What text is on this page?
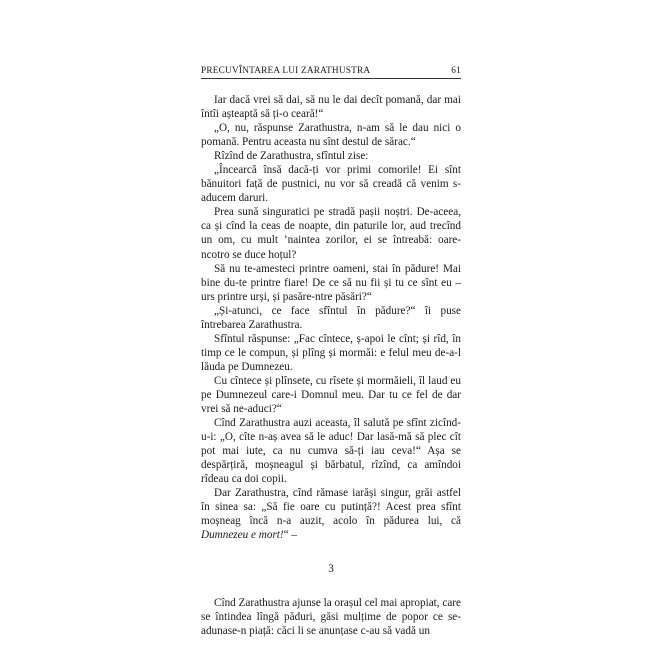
PRECUVÎNTAREA LUI ZARATHUSTRA	61

Iar dacă vrei să dai, să nu le dai decît pomană, dar mai întîi așteaptă să ți-o ceară!“

„O, nu, răspunse Zarathustra, n-am să le dau nici o pomană. Pentru aceasta nu sînt destul de sărac.“

Rîzînd de Zarathustra, sfîntul zise:

„Încearcă însă dacă-ți vor primi comorile! Ei sînt bănuitori față de pustnici, nu vor să creadă că venim s-aducem daruri.

Prea sună singuratici pe stradă pașii noștri. De-aceea, ca și cînd la ceas de noapte, din paturile lor, aud trecînd un om, cu mult ’naintea zorilor, ei se întreabă: oare-ncotro se duce hoțul?

Să nu te-amesteci printre oameni, stai în pădure! Mai bine du-te printre fiare! De ce să nu fii și tu ce sînt eu – urs printre urși, și pasăre-ntre păsări?“

„Și-atunci, ce face sfîntul în pădure?“ îi puse întrebarea Zarathustra.

Sfîntul răspunse: „Fac cîntece, ș-apoi le cînt; și rîd, în timp ce le compun, și plîng și mormăi: e felul meu de-a-l lăuda pe Dumnezeu.

Cu cîntece și plînsete, cu rîsete și mormăieli, îl laud eu pe Dumnezeul care-i Domnul meu. Dar tu ce fel de dar vrei să ne-aduci?“

Cînd Zarathustra auzi aceasta, îl salută pe sfînt zicînd-u-i: „O, cîte n-aș avea să le aduc! Dar lasă-mă să plec cît pot mai iute, ca nu cumva să-ți iau ceva!“ Așa se despărțiră, moșneagul și bărbatul, rîzînd, ca amîndoi rîdeau ca doi copii.

Dar Zarathustra, cînd rămase iarăși singur, grăi astfel în sinea sa: „Să fie oare cu putință?! Acest prea sfînt moșneag încă n-a auzit, acolo în pădurea lui, că Dumnezeu e mort!“ –

3

Cînd Zarathustra ajunse la orașul cel mai apropiat, care se întindea lîngă păduri, găsi mulțime de popor ce se-adunase-n piață: căci li se anunțase c-au să vadă un
